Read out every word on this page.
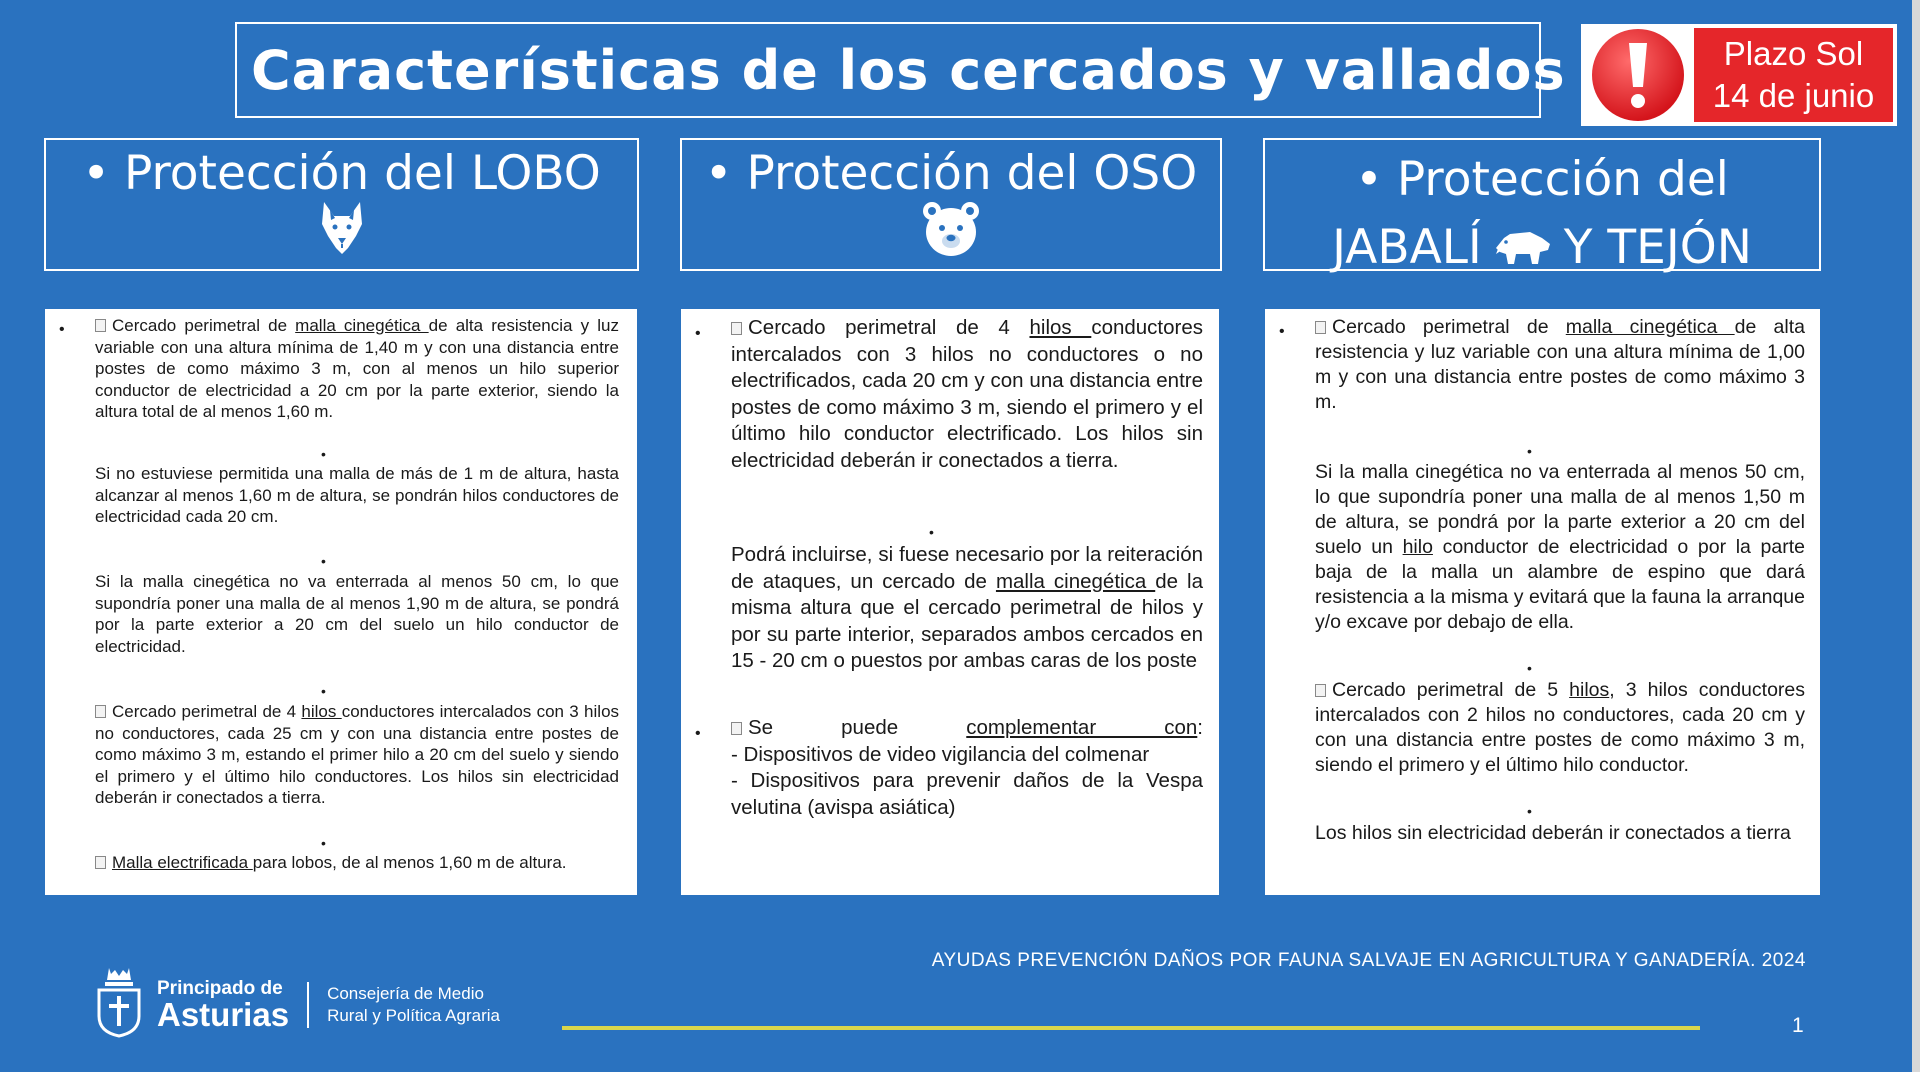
Características de los cercados y vallados	Plazo Sol
14 de junio
• Protección del LOBO	• Protección del OSO	• Protección del
JABALÍ Y TEJÓN
•	Cercado perimetral de malla cinegética de alta resistencia y luz variable con una altura mínima de 1,40 m y con una distancia entre postes de como máximo 3 m, con al menos un hilo superior conductor de electricidad a 20 cm por la parte exterior, siendo la altura total de al menos 1,60 m.
•
Si no estuviese permitida una malla de más de 1 m de altura, hasta alcanzar al menos 1,60 m de altura, se pondrán hilos conductores de electricidad cada 20 cm.
•
Si la malla cinegética no va enterrada al menos 50 cm, lo que supondría poner una malla de al menos 1,90 m de altura, se pondrá por la parte exterior a 20 cm del suelo un hilo conductor de electricidad.
•
Cercado perimetral de 4 hilos conductores intercalados con 3 hilos no conductores, cada 25 cm y con una distancia entre postes de como máximo 3 m, estando el primer hilo a 20 cm del suelo y siendo el primero y el último hilo conductores. Los hilos sin electricidad deberán ir conectados a tierra.
•
Malla electrificada para lobos, de al menos 1,60 m de altura.
•	Cercado perimetral de 4 hilos conductores intercalados con 3 hilos no conductores o no electrificados, cada 20 cm y con una distancia entre postes de como máximo 3 m, siendo el primero y el último hilo conductor electrificado. Los hilos sin electricidad deberán ir conectados a tierra.
•
Podrá incluirse, si fuese necesario por la reiteración de ataques, un cercado de malla cinegética de la misma altura que el cercado perimetral de hilos y por su parte interior, separados ambos cercados en 15 - 20 cm o puestos por ambas caras de los poste
•	Se puede complementar con:
- Dispositivos de video vigilancia del colmenar
- Dispositivos para prevenir daños de la Vespa velutina (avispa asiática)
•	Cercado perimetral de malla cinegética de alta resistencia y luz variable con una altura mínima de 1,00 m y con una distancia entre postes de como máximo 3 m.
•
Si la malla cinegética no va enterrada al menos 50 cm, lo que supondría poner una malla de al menos 1,50 m de altura, se pondrá por la parte exterior a 20 cm del suelo un hilo conductor de electricidad o por la parte baja de la malla un alambre de espino que dará resistencia a la misma y evitará que la fauna la arranque y/o excave por debajo de ella.
•
Cercado perimetral de 5 hilos, 3 hilos conductores intercalados con 2 hilos no conductores, cada 20 cm y con una distancia entre postes de como máximo 3 m, siendo el primero y el último hilo conductor.
•
Los hilos sin electricidad deberán ir conectados a tierra
AYUDAS PREVENCIÓN DAÑOS POR FAUNA SALVAJE EN AGRICULTURA Y GANADERÍA. 2024
1
Principado de
Asturias
Consejería de Medio
Rural y Política Agraria
